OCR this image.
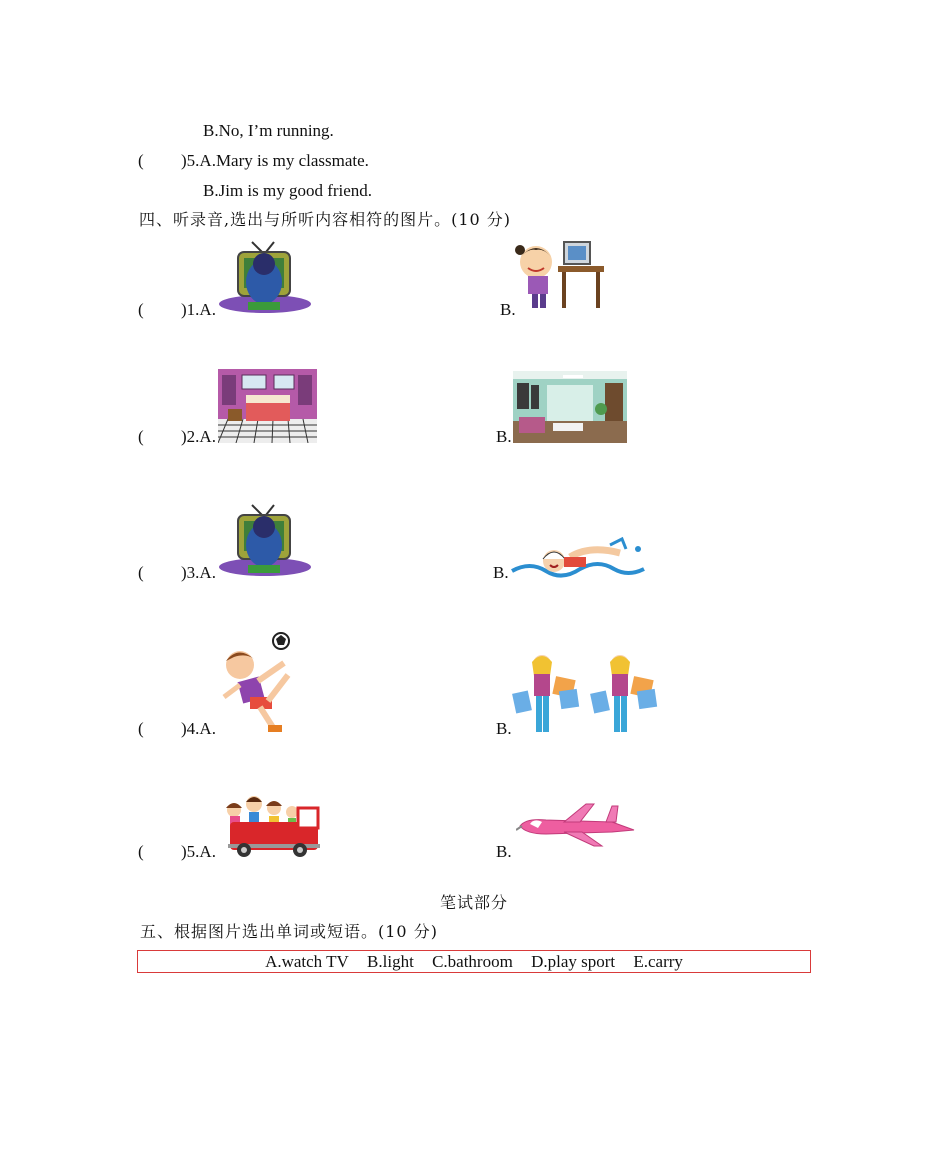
B.No, I’m running.
( )5.A.Mary is my classmate.
B.Jim is my good friend.
四、听录音,选出与所听内容相符的图片。(10 分)
( )1.A.	B.
( )2.A.	B.
( )3.A.	B.
( )4.A.	B.
( )5.A.	B.
笔试部分
五、根据图片选出单词或短语。(10 分)
A.watch TV B.light C.bathroom D.play sport E.carry
